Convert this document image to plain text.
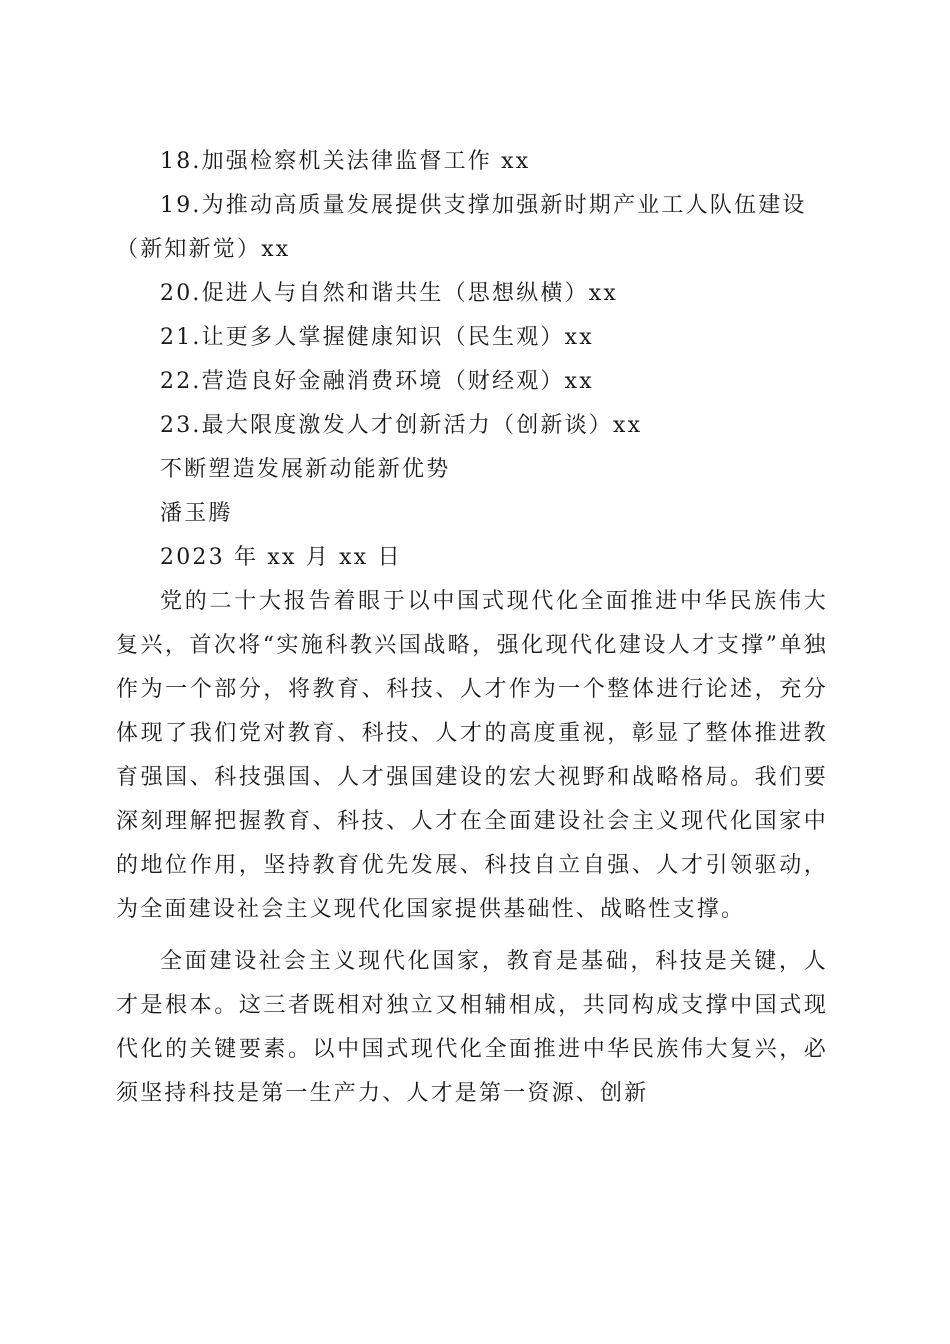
18.加强检察机关法律监督工作 xx

19.为推动高质量发展提供支撑加强新时期产业工人队伍建设（新知新觉）xx

20.促进人与自然和谐共生（思想纵横）xx

21.让更多人掌握健康知识（民生观）xx

22.营造良好金融消费环境（财经观）xx

23.最大限度激发人才创新活力（创新谈）xx

不断塑造发展新动能新优势

潘玉腾

2023 年 xx 月 xx 日

党的二十大报告着眼于以中国式现代化全面推进中华民族伟大复兴，首次将“实施科教兴国战略，强化现代化建设人才支撑”单独作为一个部分，将教育、科技、人才作为一个整体进行论述，充分体现了我们党对教育、科技、人才的高度重视，彰显了整体推进教育强国、科技强国、人才强国建设的宏大视野和战略格局。我们要深刻理解把握教育、科技、人才在全面建设社会主义现代化国家中的地位作用，坚持教育优先发展、科技自立自强、人才引领驱动，为全面建设社会主义现代化国家提供基础性、战略性支撑。

全面建设社会主义现代化国家，教育是基础，科技是关键，人才是根本。这三者既相对独立又相辅相成，共同构成支撑中国式现代化的关键要素。以中国式现代化全面推进中华民族伟大复兴，必须坚持科技是第一生产力、人才是第一资源、创新
